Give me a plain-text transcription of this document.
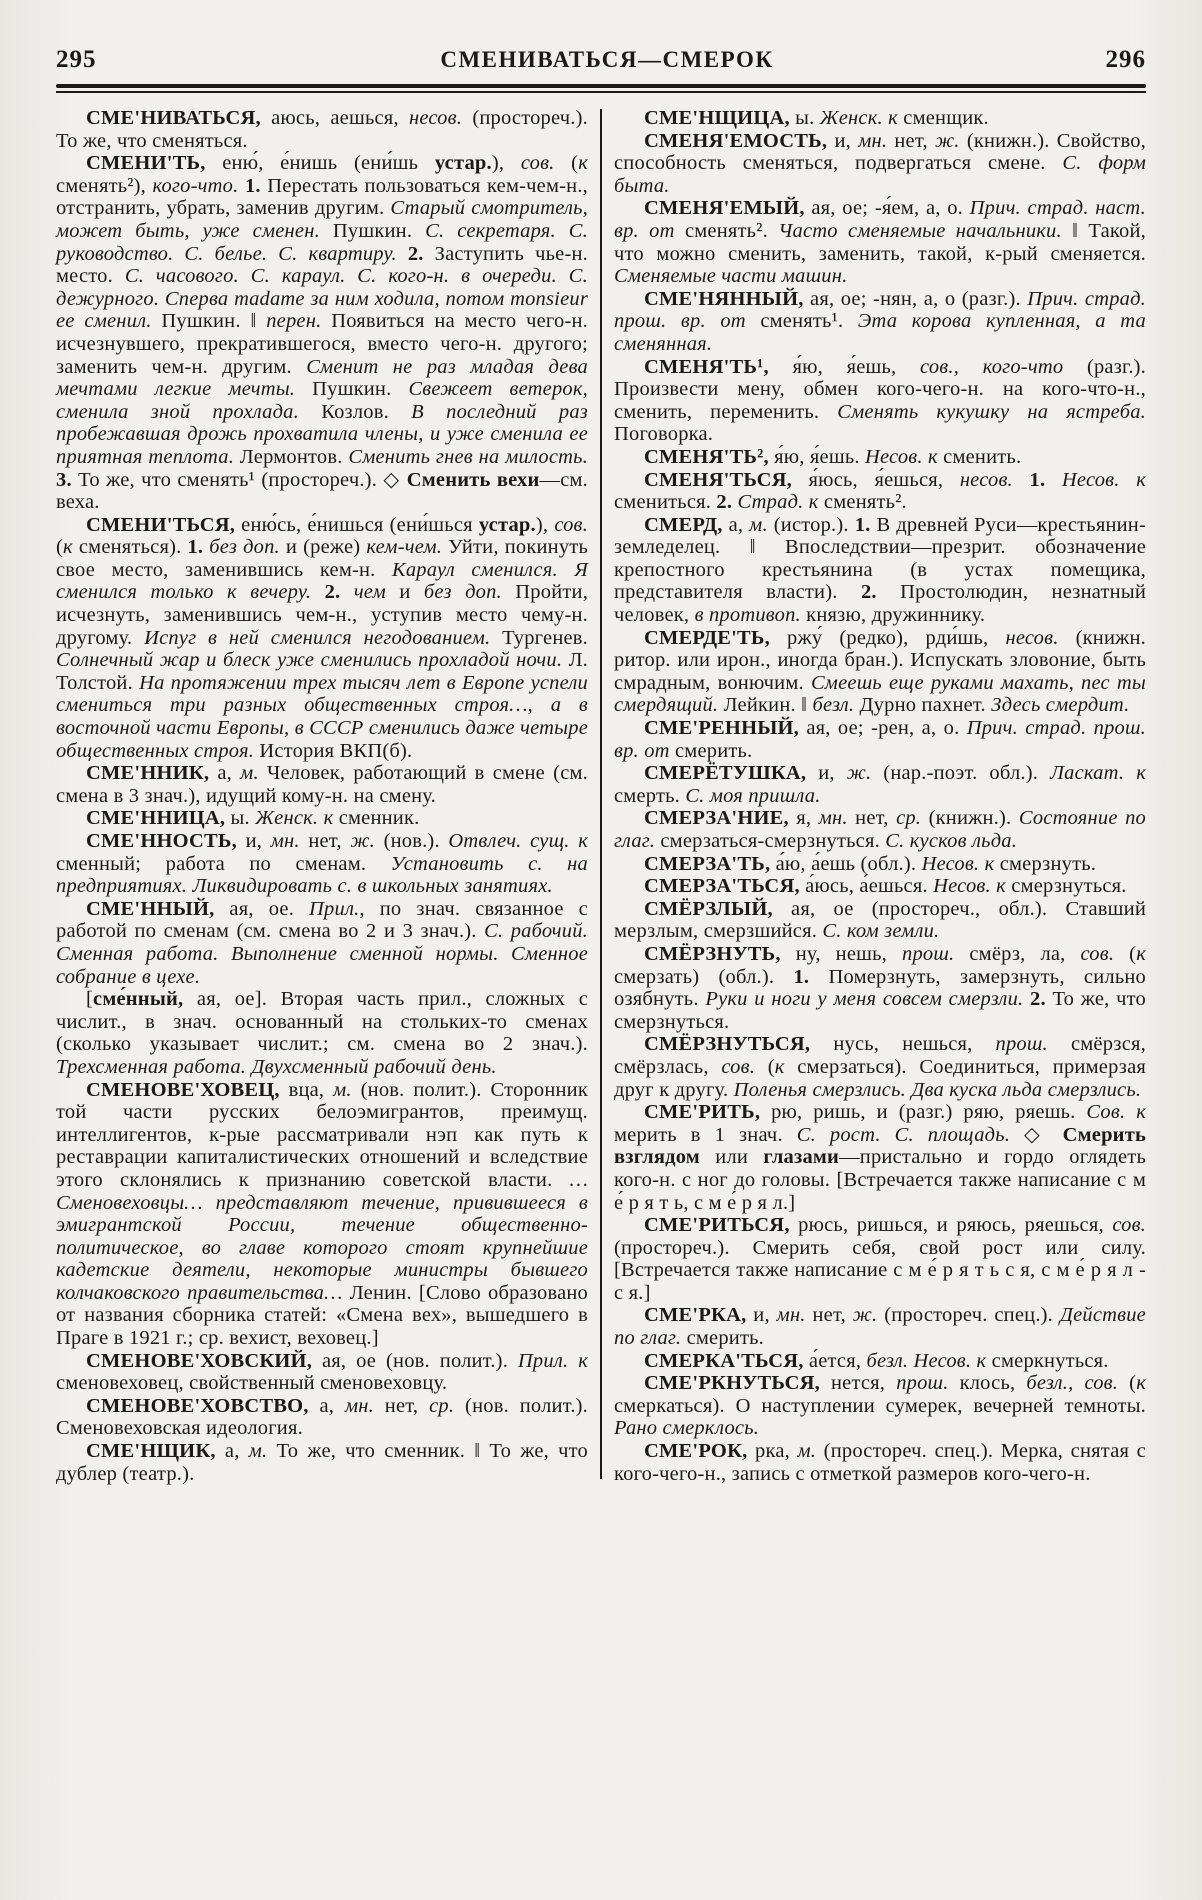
295	СМЕНИВАТЬСЯ—СМЕРОК	296

СМЕ'НИВАТЬСЯ, аюсь, аешься, несов. (простореч.). То же, что сменяться.

СМЕНИ'ТЬ, еню́, е́нишь (ени́шь устар.), сов. (к сменять²), кого-что. 1. Перестать пользоваться кем-чем-н., отстранить, убрать, заменив другим. Старый смотритель, может быть, уже сменен. Пушкин. С. секретаря. С. руководство. С. белье. С. квартиру. 2. Заступить чье-н. место. С. часового. С. караул. С. кого-н. в очереди. С. дежурного. Сперва madame за ним ходила, потом monsieur ее сменил. Пушкин. ‖ перен. Появиться на место чего-н. исчезнувшего, прекратившегося, вместо чего-н. другого; заменить чем-н. другим. Сменит не раз младая дева мечтами легкие мечты. Пушкин. Свежеет ветерок, сменила зной прохлада. Козлов. В последний раз пробежавшая дрожь прохватила члены, и уже сменила ее приятная теплота. Лермонтов. Сменить гнев на милость. 3. То же, что сменять¹ (простореч.). ◇ Сменить вехи—см. веха.

СМЕНИ'ТЬСЯ, еню́сь, е́нишься (ени́шься устар.), сов. (к сменяться). 1. без доп. и (реже) кем-чем. Уйти, покинуть свое место, заменившись кем-н. Караул сменился. Я сменился только к вечеру. 2. чем и без доп. Пройти, исчезнуть, заменившись чем-н., уступив место чему-н. другому. Испуг в ней сменился негодованием. Тургенев. Солнечный жар и блеск уже сменились прохладой ночи. Л. Толстой. На протяжении трех тысяч лет в Европе успели смениться три разных общественных строя…, а в восточной части Европы, в СССР сменились даже четыре общественных строя. История ВКП(б).

СМЕ'ННИК, а, м. Человек, работающий в смене (см. смена в 3 знач.), идущий кому-н. на смену.

СМЕ'ННИЦА, ы. Женск. к сменник.

СМЕ'ННОСТЬ, и, мн. нет, ж. (нов.). Отвлеч. сущ. к сменный; работа по сменам. Установить с. на предприятиях. Ликвидировать с. в школьных занятиях.

СМЕ'ННЫЙ, ая, ое. Прил., по знач. связанное с работой по сменам (см. смена во 2 и 3 знач.). С. рабочий. Сменная работа. Выполнение сменной нормы. Сменное собрание в цехе.

[сме́нный, ая, ое]. Вторая часть прил., сложных с числит., в знач. основанный на стольких-то сменах (сколько указывает числит.; см. смена во 2 знач.). Трехсменная работа. Двухсменный рабочий день.

СМЕНОВЕ'ХОВЕЦ, вца, м. (нов. полит.). Сторонник той части русских белоэмигрантов, преимущ. интеллигентов, к-рые рассматривали нэп как путь к реставрации капиталистических отношений и вследствие этого склонялись к признанию советской власти. …Сменовеховцы… представляют течение, привившееся в эмигрантской России, течение общественно-политическое, во главе которого стоят крупнейшие кадетские деятели, некоторые министры бывшего колчаковского правительства… Ленин. [Слово образовано от названия сборника статей: «Смена вех», вышедшего в Праге в 1921 г.; ср. вехист, веховец.]

СМЕНОВЕ'ХОВСКИЙ, ая, ое (нов. полит.). Прил. к сменовеховец, свойственный сменовеховцу.

СМЕНОВЕ'ХОВСТВО, а, мн. нет, ср. (нов. полит.). Сменовеховская идеология.

СМЕ'НЩИК, а, м. То же, что сменник. ‖ То же, что дублер (театр.).

СМЕ'НЩИЦА, ы. Женск. к сменщик.

СМЕНЯ'ЕМОСТЬ, и, мн. нет, ж. (книжн.). Свойство, способность сменяться, подвергаться смене. С. форм быта.

СМЕНЯ'ЕМЫЙ, ая, ое; -я́ем, а, о. Прич. страд. наст. вр. от сменять². Часто сменяемые начальники. ‖ Такой, что можно сменить, заменить, такой, к-рый сменяется. Сменяемые части машин.

СМЕ'НЯННЫЙ, ая, ое; -нян, а, о (разг.). Прич. страд. прош. вр. от сменять¹. Эта корова купленная, а та сменянная.

СМЕНЯ'ТЬ¹, я́ю, я́ешь, сов., кого-что (разг.). Произвести мену, обмен кого-чего-н. на кого-что-н., сменить, переменить. Сменять кукушку на ястреба. Поговорка.

СМЕНЯ'ТЬ², я́ю, я́ешь. Несов. к сменить.

СМЕНЯ'ТЬСЯ, я́юсь, я́ешься, несов. 1. Несов. к смениться. 2. Страд. к сменять².

СМЕРД, а, м. (истор.). 1. В древней Руси—крестьянин-земледелец. ‖ Впоследствии—презрит. обозначение крепостного крестьянина (в устах помещика, представителя власти). 2. Простолюдин, незнатный человек, в противоп. князю, дружиннику.

СМЕРДЕ'ТЬ, ржу́ (редко), рди́шь, несов. (книжн. ритор. или ирон., иногда бран.). Испускать зловоние, быть смрадным, вонючим. Смеешь еще руками махать, пес ты смердящий. Лейкин. ‖ безл. Дурно пахнет. Здесь смердит.

СМЕ'РЕННЫЙ, ая, ое; -рен, а, о. Прич. страд. прош. вр. от смерить.

СМЕРЁТУШКА, и, ж. (нар.-поэт. обл.). Ласкат. к смерть. С. моя пришла.

СМЕРЗА'НИЕ, я, мн. нет, ср. (книжн.). Состояние по глаг. смерзаться-смерзнуться. С. кусков льда.

СМЕРЗА'ТЬ, а́ю, а́ешь (обл.). Несов. к смерзнуть.

СМЕРЗА'ТЬСЯ, а́юсь, а́ешься. Несов. к смерзнуться.

СМЁРЗЛЫЙ, ая, ое (простореч., обл.). Ставший мерзлым, смерзшийся. С. ком земли.

СМЁРЗНУТЬ, ну, нешь, прош. смёрз, ла, сов. (к смерзать) (обл.). 1. Померзнуть, замерзнуть, сильно озябнуть. Руки и ноги у меня совсем смерзли. 2. То же, что смерзнуться.

СМЁРЗНУТЬСЯ, нусь, нешься, прош. смёрзся, смёрзлась, сов. (к смерзаться). Соединиться, примерзая друг к другу. Поленья смерзлись. Два куска льда смерзлись.

СМЕ'РИТЬ, рю, ришь, и (разг.) ряю, ряешь. Сов. к мерить в 1 знач. С. рост. С. площадь. ◇ Смерить взглядом или глазами—пристально и гордо оглядеть кого-н. с ног до головы. [Встречается также написание с м е́ р я т ь, с м е́ р я л.]

СМЕ'РИТЬСЯ, рюсь, ришься, и ряюсь, ряешься, сов. (простореч.). Смерить себя, свой рост или силу. [Встречается также написание с м е́ р я т ь с я, с м е́ р я л - с я.]

СМЕ'РКА, и, мн. нет, ж. (простореч. спец.). Действие по глаг. смерить.

СМЕРКА'ТЬСЯ, а́ется, безл. Несов. к смеркнуться.

СМЕ'РКНУТЬСЯ, нется, прош. клось, безл., сов. (к смеркаться). О наступлении сумерек, вечерней темноты. Рано смерклось.

СМЕ'РОК, рка, м. (простореч. спец.). Мерка, снятая с кого-чего-н., запись с отметкой размеров кого-чего-н.
